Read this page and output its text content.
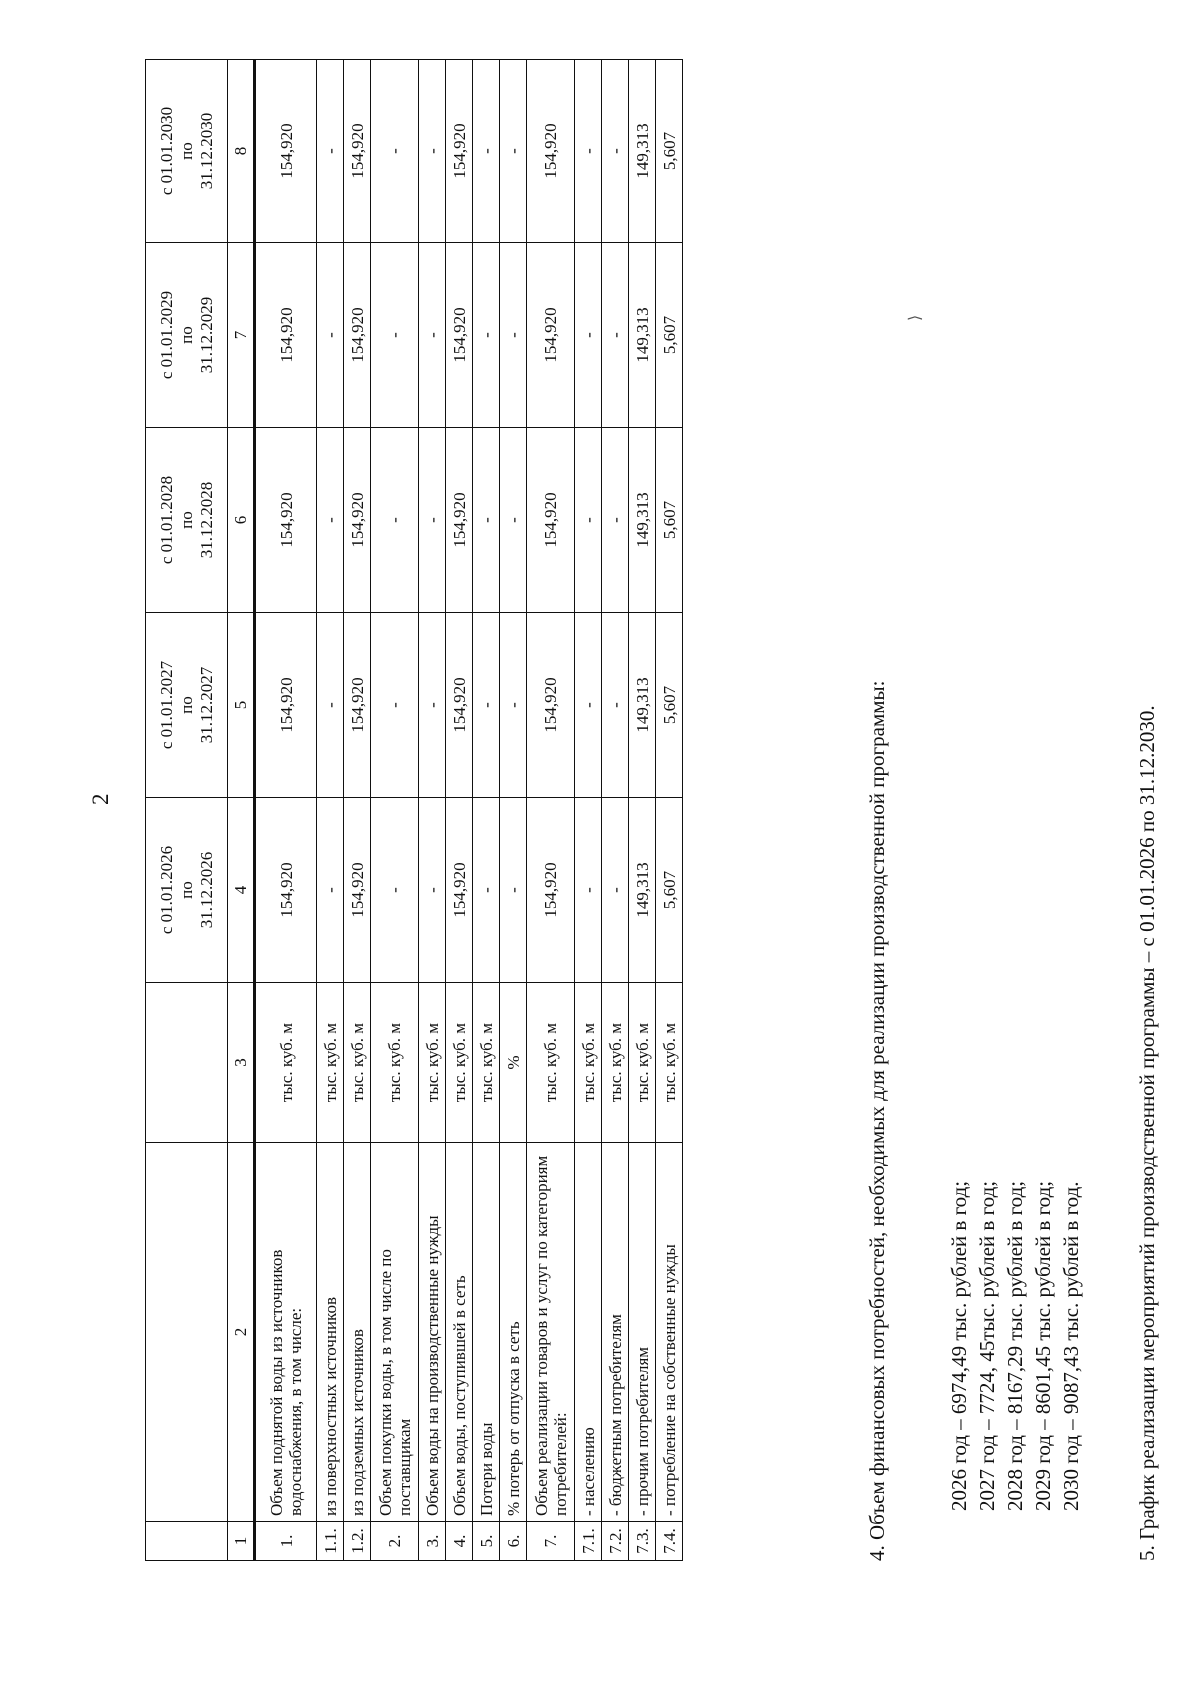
2
			с 01.01.2026
по
31.12.2026	с 01.01.2027
по
31.12.2027	с 01.01.2028
по
31.12.2028	с 01.01.2029
по
31.12.2029	с 01.01.2030
по
31.12.2030
1	2	3	4	5	6	7	8
1.	Объем поднятой воды из источников водоснабжения, в том числе:	тыс. куб. м	154,920	154,920	154,920	154,920	154,920
1.1.	из поверхностных источников	тыс. куб. м	-	-	-	-	-
1.2.	из подземных источников	тыс. куб. м	154,920	154,920	154,920	154,920	154,920
2.	Объем покупки воды, в том числе по поставщикам	тыс. куб. м	-	-	-	-	-
3.	Объем воды на производственные нужды	тыс. куб. м	-	-	-	-	-
4.	Объем воды, поступившей в сеть	тыс. куб. м	154,920	154,920	154,920	154,920	154,920
5.	Потери воды	тыс. куб. м	-	-	-	-	-
6.	% потерь от отпуска в сеть	%	-	-	-	-	-
7.	Объем реализации товаров и услуг по категориям потребителей:	тыс. куб. м	154,920	154,920	154,920	154,920	154,920
7.1.	- населению	тыс. куб. м	-	-	-	-	-
7.2.	- бюджетным потребителям	тыс. куб. м	-	-	-	-	-
7.3.	- прочим потребителям	тыс. куб. м	149,313	149,313	149,313	149,313	149,313
7.4.	- потребление на собственные нужды	тыс. куб. м	5,607	5,607	5,607	5,607	5,607
4. Объем финансовых потребностей, необходимых для реализации производственной программы:	2026 год – 6974,49 тыс. рублей в год; 2027 год – 7724, 45тыс. рублей в год; 2028 год – 8167,29 тыс. рублей в год; 2029 год – 8601,45 тыс. рублей в год; 2030 год – 9087,43 тыс. рублей в год. 5. График реализации мероприятий производственной программы – с 01.01.2026 по 31.12.2030.
⟩
